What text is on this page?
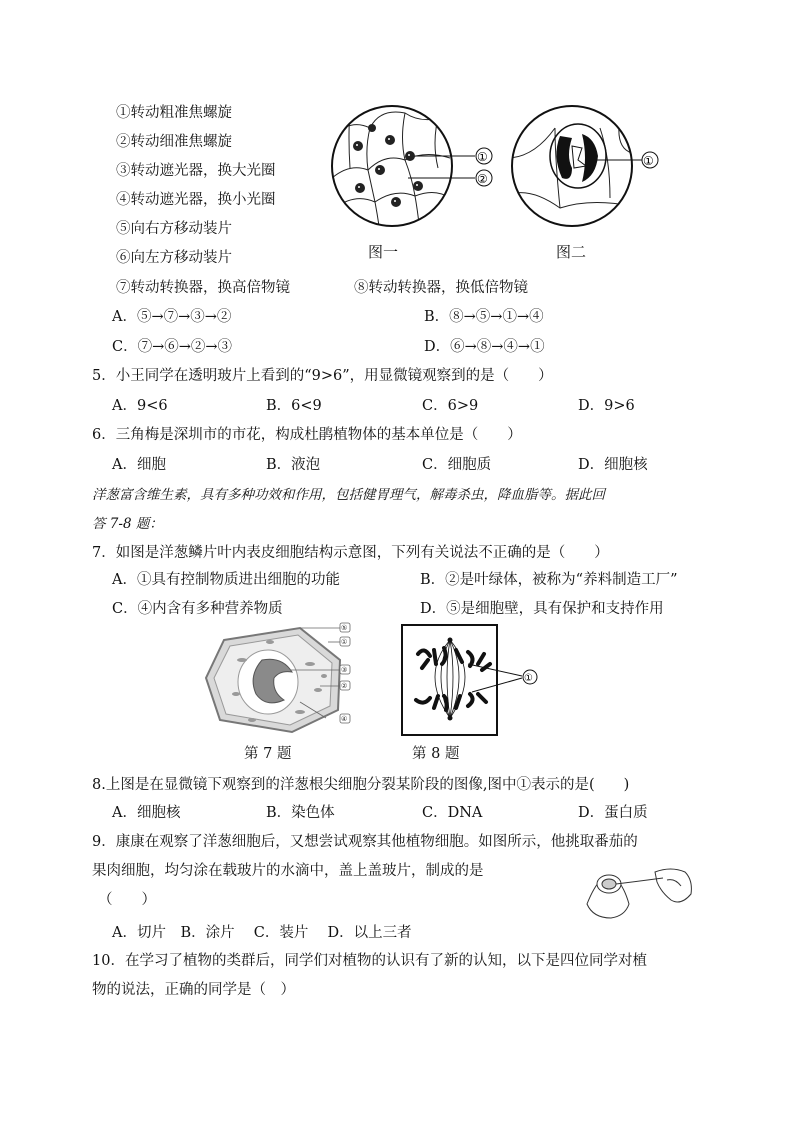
①转动粗准焦螺旋
②转动细准焦螺旋
③转动遮光器，换大光圈
④转动遮光器，换小光圈
⑤向右方移动装片
⑥向左方移动装片
⑦转动转换器，换高倍物镜	⑧转动转换器，换低倍物镜
①
②
①
图一	图二
A．⑤→⑦→③→②	B．⑧→⑤→①→④
C．⑦→⑥→②→③	D．⑥→⑧→④→①
5．小王同学在透明玻片上看到的“9>6”，用显微镜观察到的是（　　）
A．9<6	B．6<9	C．6>9	D．9>6
6．三角梅是深圳市的市花，构成杜鹃植物体的基本单位是（　　）
A．细胞	B．液泡	C．细胞质	D．细胞核
洋葱富含维生素，具有多种功效和作用，包括健胃理气，解毒杀虫，降血脂等。据此回
答 7-8 题：
7．如图是洋葱鳞片叶内表皮细胞结构示意图，下列有关说法不正确的是（　　）
A．①具有控制物质进出细胞的功能	B．②是叶绿体，被称为“养料制造工厂”
C．④内含有多种营养物质	D．⑤是细胞壁，具有保护和支持作用
⑤
①
③
②
④
①
第 7 题	第 8 题
8.上图是在显微镜下观察到的洋葱根尖细胞分裂某阶段的图像,图中①表示的是(　　)
A．细胞核	B．染色体	C．DNA	D．蛋白质
9．康康在观察了洋葱细胞后，又想尝试观察其他植物细胞。如图所示，他挑取番茄的
果肉细胞，均匀涂在载玻片的水滴中，盖上盖玻片，制成的是
（　　）
A．切片　B．涂片　 C．装片　 D．以上三者
10．在学习了植物的类群后，同学们对植物的认识有了新的认知，以下是四位同学对植
物的说法，正确的同学是（　）
